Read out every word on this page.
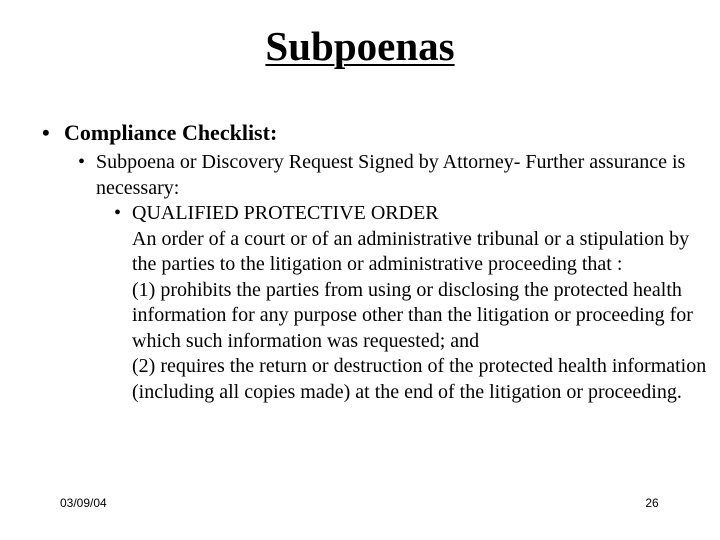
Subpoenas
• Compliance Checklist:
• Subpoena or Discovery Request Signed by Attorney- Further assurance is necessary:
• QUALIFIED PROTECTIVE ORDER

An order of a court or of an administrative tribunal or a stipulation by the parties to the litigation or administrative proceeding that :

(1) prohibits the parties from using or disclosing the protected health information for any purpose other than the litigation or proceeding for which such information was requested; and

(2) requires the return or destruction of the protected health information (including all copies made) at the end of the litigation or proceeding.

03/09/04	26
